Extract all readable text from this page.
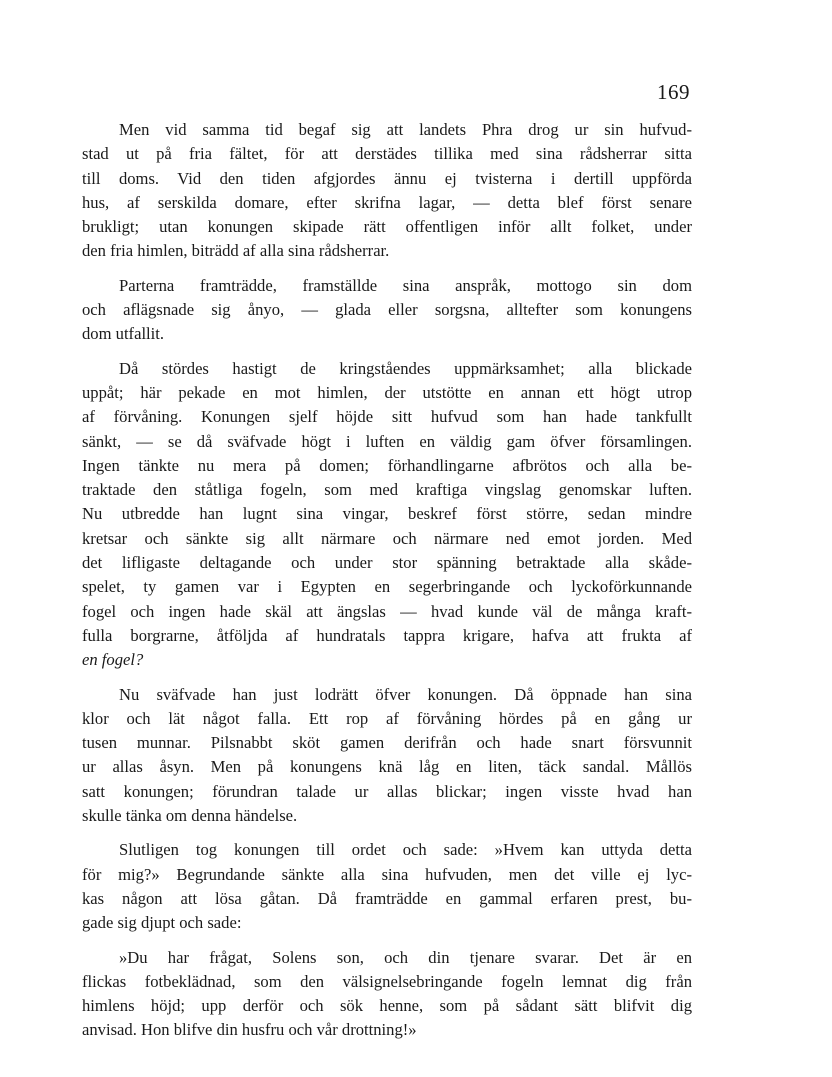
169
Men vid samma tid begaf sig att landets Phra drog ur sin hufvud-
stad ut på fria fältet, för att derstädes tillika med sina rådsherrar sitta
till doms. Vid den tiden afgjordes ännu ej tvisterna i dertill uppförda
hus, af serskilda domare, efter skrifna lagar, — detta blef först senare
brukligt; utan konungen skipade rätt offentligen inför allt folket, under
den fria himlen, biträdd af alla sina rådsherrar.
Parterna framträdde, framställde sina anspråk, mottogo sin dom
och aflägsnade sig ånyo, — glada eller sorgsna, alltefter som konungens
dom utfallit.
Då stördes hastigt de kringståendes uppmärksamhet; alla blickade
uppåt; här pekade en mot himlen, der utstötte en annan ett högt utrop
af förvåning. Konungen sjelf höjde sitt hufvud som han hade tankfullt
sänkt, — se då sväfvade högt i luften en väldig gam öfver församlingen.
Ingen tänkte nu mera på domen; förhandlingarne afbrötos och alla be-
traktade den ståtliga fogeln, som med kraftiga vingslag genomskar luften.
Nu utbredde han lugnt sina vingar, beskref först större, sedan mindre
kretsar och sänkte sig allt närmare och närmare ned emot jorden. Med
det lifligaste deltagande och under stor spänning betraktade alla skåde-
spelet, ty gamen var i Egypten en segerbringande och lyckoförkunnande
fogel och ingen hade skäl att ängslas — hvad kunde väl de många kraft-
fulla borgrarne, åtföljda af hundratals tappra krigare, hafva att frukta af
en fogel?
Nu sväfvade han just lodrätt öfver konungen. Då öppnade han sina
klor och lät något falla. Ett rop af förvåning hördes på en gång ur
tusen munnar. Pilsnabbt sköt gamen derifrån och hade snart försvunnit
ur allas åsyn. Men på konungens knä låg en liten, täck sandal. Mållös
satt konungen; förundran talade ur allas blickar; ingen visste hvad han
skulle tänka om denna händelse.
Slutligen tog konungen till ordet och sade: »Hvem kan uttyda detta
för mig?» Begrundande sänkte alla sina hufvuden, men det ville ej lyc-
kas någon att lösa gåtan. Då framträdde en gammal erfaren prest, bu-
gade sig djupt och sade:
»Du har frågat, Solens son, och din tjenare svarar. Det är en
flickas fotbeklädnad, som den välsignelsebringande fogeln lemnat dig från
himlens höjd; upp derför och sök henne, som på sådant sätt blifvit dig
anvisad. Hon blifve din husfru och vår drottning!»
